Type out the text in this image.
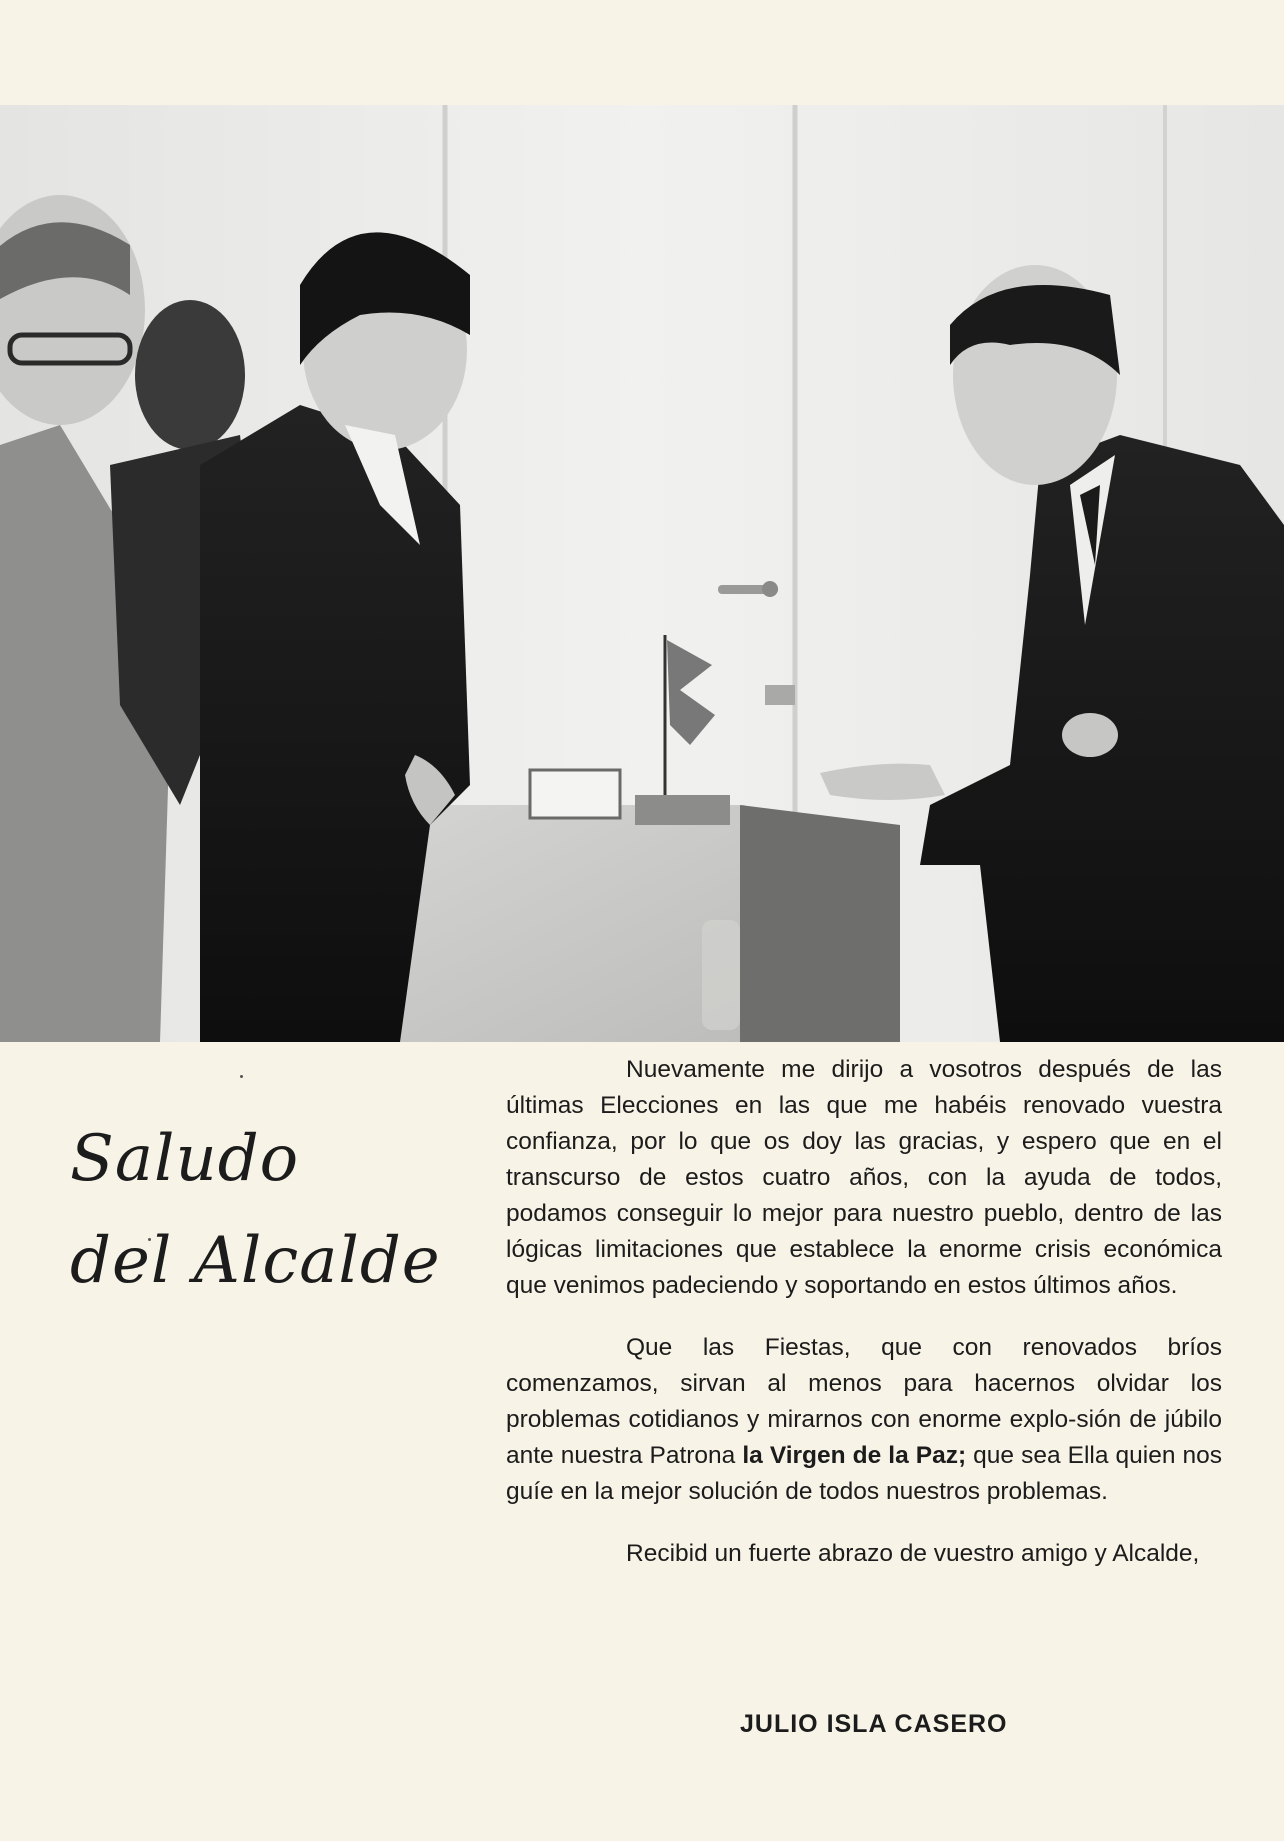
Saludo
del Alcalde

Nuevamente me dirijo a vosotros después de las últimas Elecciones en las que me habéis renovado vuestra confianza, por lo que os doy las gracias, y espero que en el transcurso de estos cuatro años, con la ayuda de todos, podamos conseguir lo mejor para nuestro pueblo, dentro de las lógicas limitaciones que establece la enorme crisis económica que venimos padeciendo y soportando en estos últimos años.

Que las Fiestas, que con renovados bríos comenzamos, sirvan al menos para hacernos olvidar los problemas cotidianos y mirarnos con enorme explo-sión de júbilo ante nuestra Patrona la Virgen de la Paz; que sea Ella quien nos guíe en la mejor solución de todos nuestros problemas.

Recibid un fuerte abrazo de vuestro amigo y Alcalde,

JULIO ISLA CASERO
